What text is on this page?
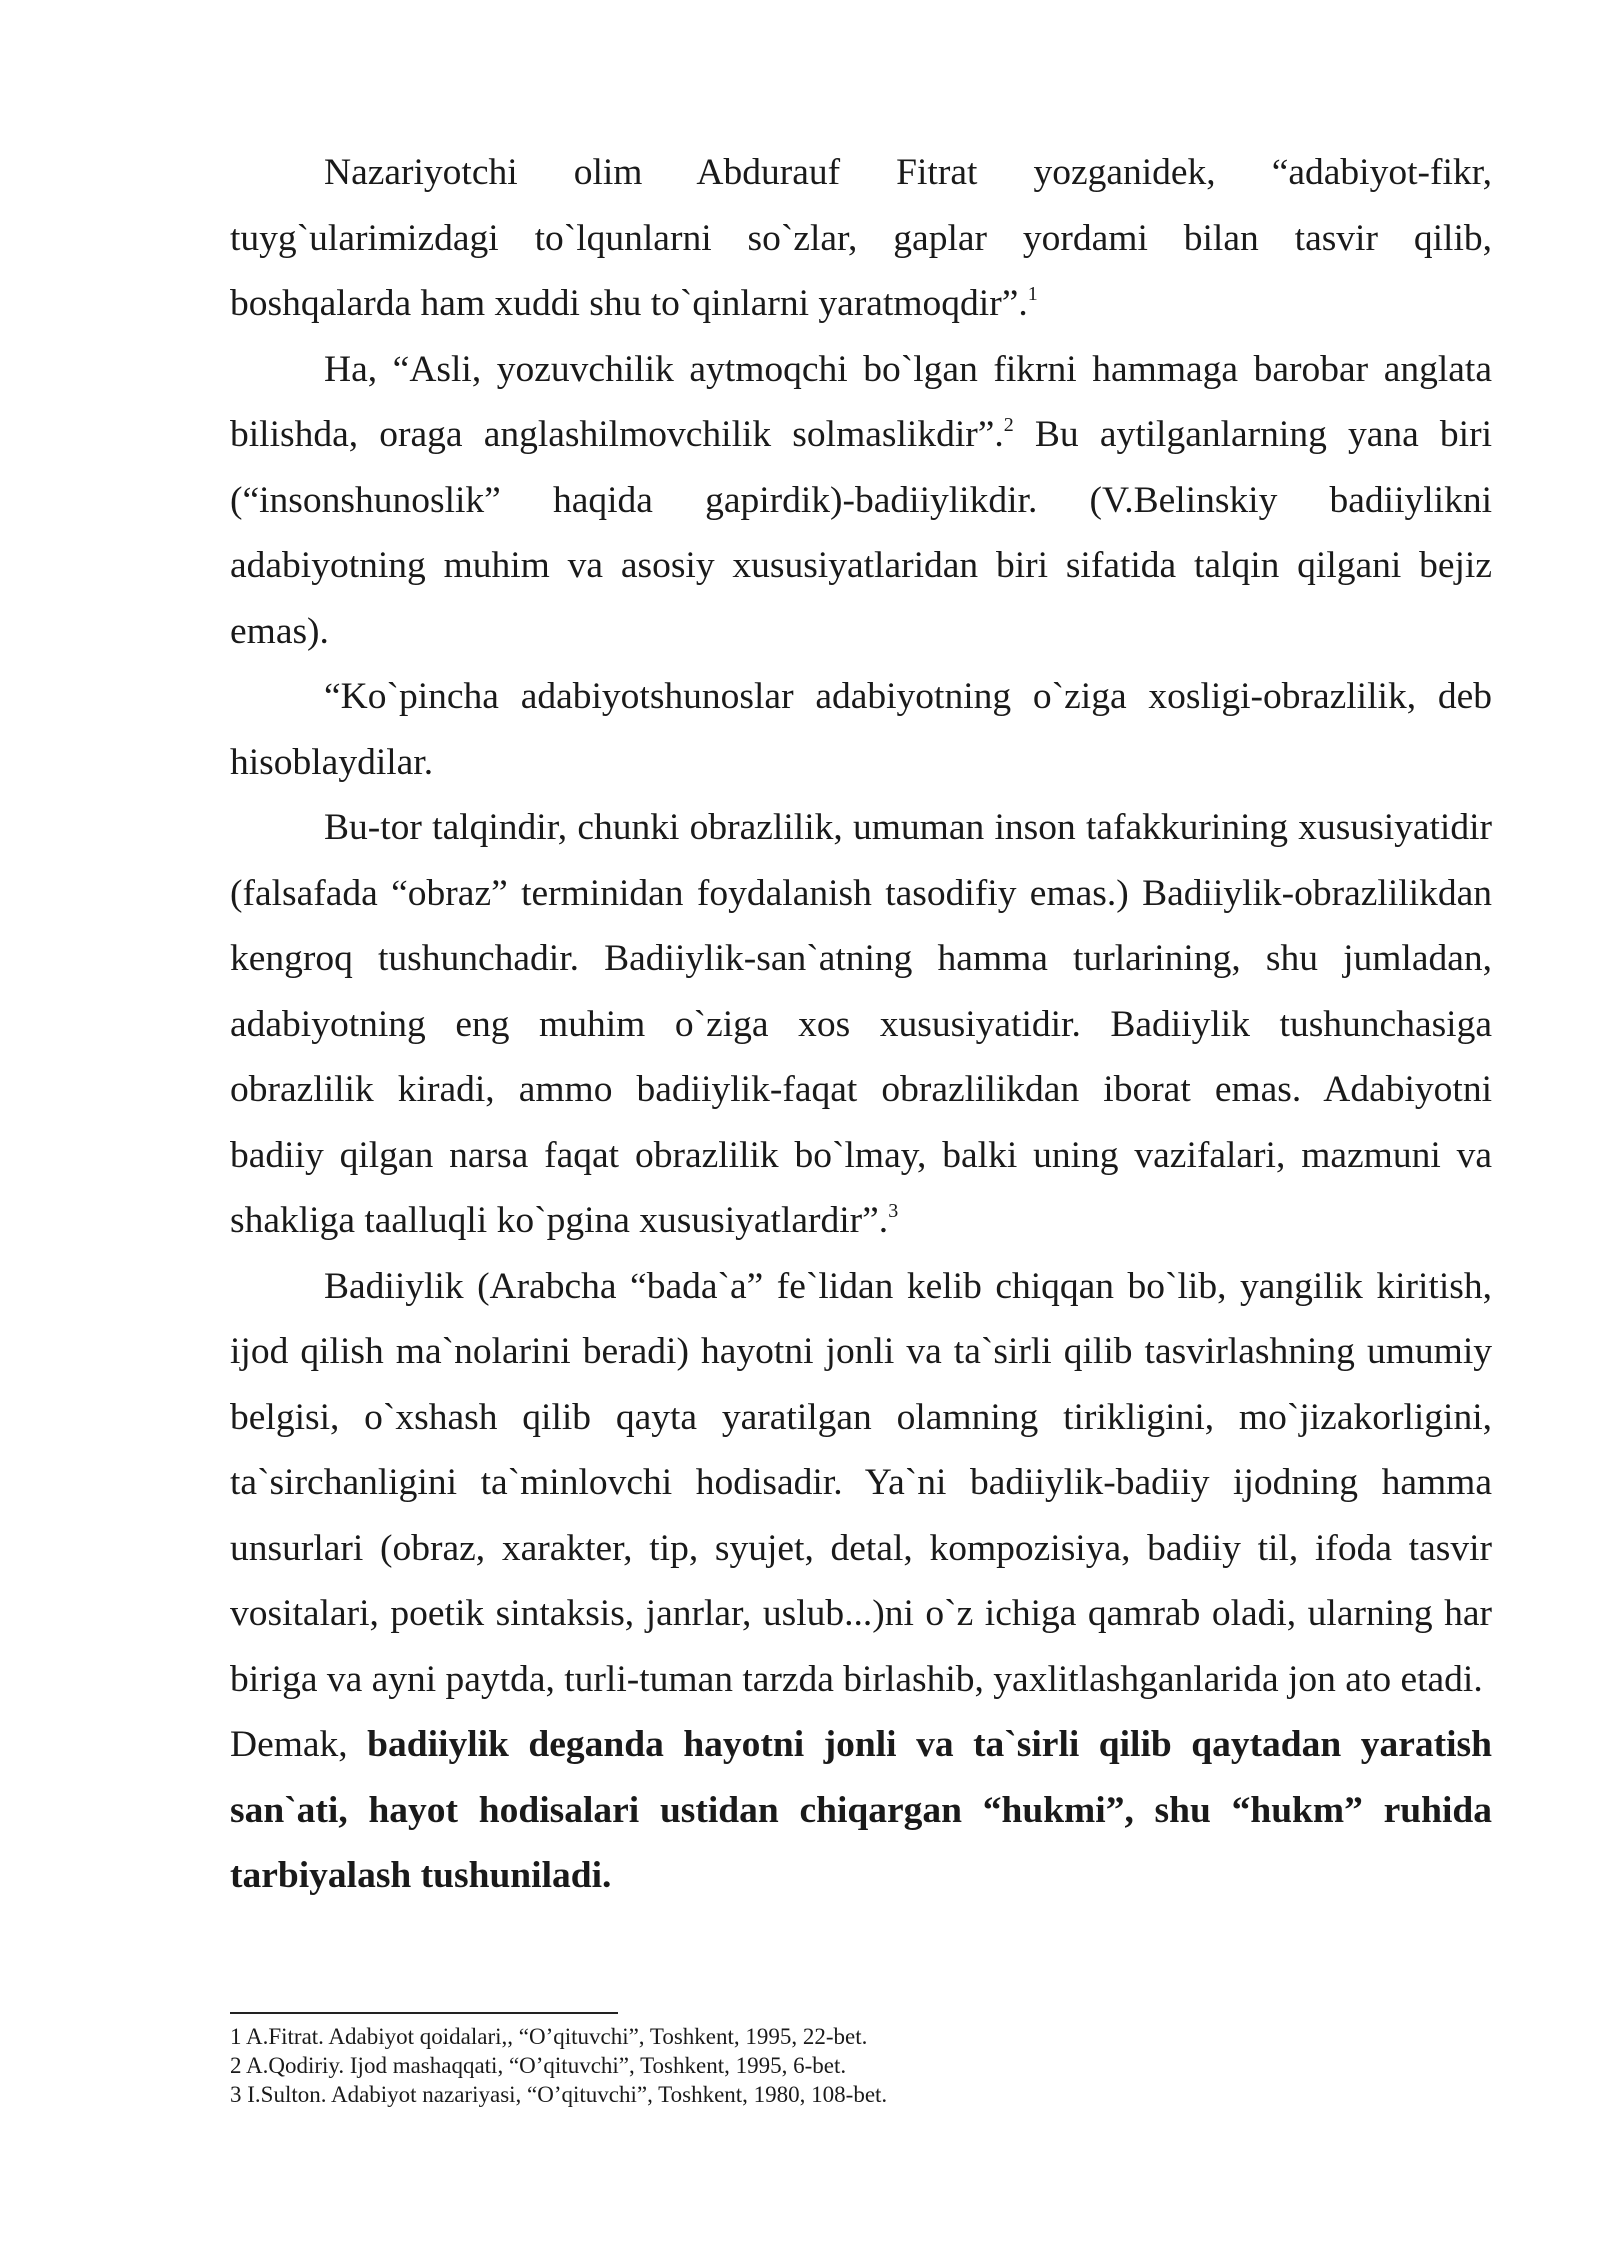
Nazariyotchi olim Abdurauf Fitrat yozganidek, “adabiyot-fikr, tuyg`ularimizdagi to`lqunlarni so`zlar, gaplar yordami bilan tasvir qilib, boshqalarda ham xuddi shu to`qinlarni yaratmoqdir”.$^1$

Ha, “Asli, yozuvchilik aytmoqchi bo`lgan fikrni hammaga barobar anglata bilishda, oraga anglashilmovchilik solmaslikdir”.$^2$ Bu aytilganlarning yana biri (“insonshunoslik” haqida gapirdik)-badiiylikdir. (V.Belinskiy badiiylikni adabiyotning muhim va asosiy xususiyatlaridan biri sifatida talqin qilgani bejiz emas).

“Ko`pincha adabiyotshunoslar adabiyotning o`ziga xosligi-obrazlilik, deb hisoblaydilar.

Bu-tor talqindir, chunki obrazlilik, umuman inson tafakkurining xususiyatidir (falsafada “obraz” terminidan foydalanish tasodifiy emas.) Badiiylik-obrazlilikdan kengroq tushunchadir. Badiiylik-san`atning hamma turlarining, shu jumladan, adabiyotning eng muhim o`ziga xos xususiyatidir. Badiiylik tushunchasiga obrazlilik kiradi, ammo badiiylik-faqat obrazlilikdan iborat emas. Adabiyotni badiiy qilgan narsa faqat obrazlilik bo`lmay, balki uning vazifalari, mazmuni va shakliga taalluqli ko`pgina xususiyatlardir”.$^3$

Badiiylik (Arabcha “bada`a” fe`lidan kelib chiqqan bo`lib, yangilik kiritish, ijod qilish ma`nolarini beradi) hayotni jonli va ta`sirli qilib tasvirlashning umumiy belgisi, o`xshash qilib qayta yaratilgan olamning tirikligini, mo`jizakorligini, ta`sirchanligini ta`minlovchi hodisadir. Ya`ni badiiylik-badiiy ijodning hamma unsurlari (obraz, xarakter, tip, syujet, detal, kompozisiya, badiiy til, ifoda tasvir vositalari, poetik sintaksis, janrlar, uslub...)ni o`z ichiga qamrab oladi, ularning har biriga va ayni paytda, turli-tuman tarzda birlashib, yaxlitlashganlarida jon ato etadi.

Demak, badiiylik deganda hayotni jonli va ta`sirli qilib qaytadan yaratish san`ati, hayot hodisalari ustidan chiqargan “hukmi”, shu “hukm” ruhida tarbiyalash tushuniladi.

1 A.Fitrat. Adabiyot qoidalari,, “O’qituvchi”, Toshkent, 1995, 22-bet.
2 A.Qodiriy. Ijod mashaqqati, “O’qituvchi”, Toshkent, 1995, 6-bet.
3 I.Sulton. Adabiyot nazariyasi, “O’qituvchi”, Toshkent, 1980, 108-bet.
